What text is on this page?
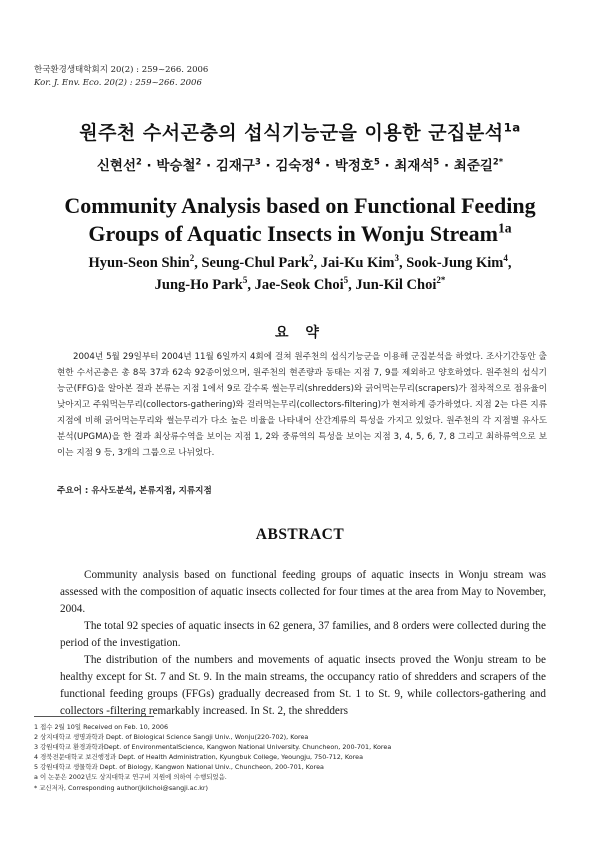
한국환경생태학회지 20(2) : 259~266. 2006
Kor. J. Env. Eco. 20(2) : 259~266. 2006
원주천 수서곤충의 섭식기능군을 이용한 군집분석$^{1a}$
신현선$^2$ · 박승철$^2$ · 김재구$^3$ · 김숙정$^4$ · 박정호$^5$ · 최재석$^5$ · 최준길$^{2*}$
Community Analysis based on Functional Feeding
Groups of Aquatic Insects in Wonju Stream$^{1a}$
Hyun-Seon Shin$^2$, Seung-Chul Park$^2$, Jai-Ku Kim$^3$, Sook-Jung Kim$^4$,
Jung-Ho Park$^5$, Jae-Seok Choi$^5$, Jun-Kil Choi$^{2*}$
요 약

2004년 5월 29일부터 2004년 11월 6일까지 4회에 걸쳐 원주천의 섭식기능군을 이용해 군집분석을 하였다. 조사기간동안 출현한 수서곤충은 총 8목 37과 62속 92종이었으며, 원주천의 현존량과 동태는 지점 7, 9를 제외하고 양호하였다. 원주천의 섭식기능군(FFG)을 알아본 결과 본류는 지점 1에서 9로 갈수록 썰는무리(shredders)와 긁어먹는무리(scrapers)가 점차적으로 점유율이 낮아지고 주워먹는무리(collectors-gathering)와 걸러먹는무리(collectors-filtering)가 현저하게 증가하였다. 지점 2는 다른 지류지점에 비해 긁어먹는무리와 썰는무리가 다소 높은 비율을 나타내어 산간계류의 특성을 가지고 있었다. 원주천의 각 지점별 유사도분석(UPGMA)을 한 결과 최상류수역을 보이는 지점 1, 2와 중류역의 특성을 보이는 지점 3, 4, 5, 6, 7, 8 그리고 최하류역으로 보이는 지점 9 등, 3개의 그룹으로 나뉘었다.

주요어 : 유사도분석, 본류지점, 지류지점
ABSTRACT

Community analysis based on functional feeding groups of aquatic insects in Wonju stream was assessed with the composition of aquatic insects collected for four times at the area from May to November, 2004.

The total 92 species of aquatic insects in 62 genera, 37 families, and 8 orders were collected during the period of the investigation.

The distribution of the numbers and movements of aquatic insects proved the Wonju stream to be healthy except for St. 7 and St. 9. In the main streams, the occupancy ratio of shredders and scrapers of the functional feeding groups (FFGs) gradually decreased from St. 1 to St. 9, while collectors-gathering and collectors -filtering remarkably increased. In St. 2, the shredders

1 접수 2월 10일 Received on Feb. 10, 2006
2 상지대학교 생명과학과 Dept. of Biological Science Sangji Univ., Wonju(220-702), Korea
3 강원대학교 환경과학과Dept. of EnvironmentalScience, Kangwon National University. Chuncheon, 200-701, Korea
4 경북전문대학교 보건행정과 Dept. of Health Administration, Kyungbuk College, Yeoungju, 750-712, Korea
5 강원대학교 생물학과 Dept. of Biology, Kangwon National Univ., Chuncheon, 200-701, Korea
a 이 논문은 2002년도 상지대학교 연구비 지원에 의하여 수행되었음.
* 교신저자, Corresponding author(jkilchoi@sangji.ac.kr)
